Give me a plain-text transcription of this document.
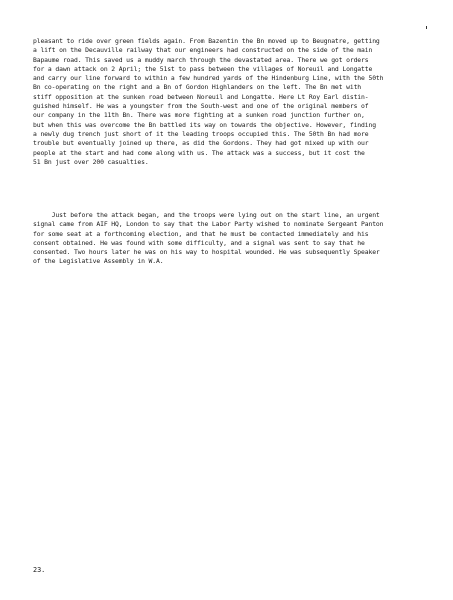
pleasant to ride over green fields again. From Bazentin the Bn moved up to Beugnatre, getting
a lift on the Decauville railway that our engineers had constructed on the side of the main
Bapaume road. This saved us a muddy march through the devastated area. There we got orders
for a dawn attack on 2 April; the 51st to pass between the villages of Noreuil and Longatte
and carry our line forward to within a few hundred yards of the Hindenburg Line, with the 50th
Bn co-operating on the right and a Bn of Gordon Highlanders on the left. The Bn met with
stiff opposition at the sunken road between Noreuil and Longatte. Here Lt Roy Earl distin-
guished himself. He was a youngster from the South-west and one of the original members of
our company in the 11th Bn. There was more fighting at a sunken road junction further on,
but when this was overcome the Bn battled its way on towards the objective. However, finding
a newly dug trench just short of it the leading troops occupied this. The 50th Bn had more
trouble but eventually joined up there, as did the Gordons. They had got mixed up with our
people at the start and had come along with us. The attack was a success, but it cost the
51 Bn just over 200 casualties.
Just before the attack began, and the troops were lying out on the start line, an urgent
signal came from AIF HQ, London to say that the Labor Party wished to nominate Sergeant Panton
for some seat at a forthcoming election, and that he must be contacted immediately and his
consent obtained. He was found with some difficulty, and a signal was sent to say that he
consented. Two hours later he was on his way to hospital wounded. He was subsequently Speaker
of the Legislative Assembly in W.A.
23.
